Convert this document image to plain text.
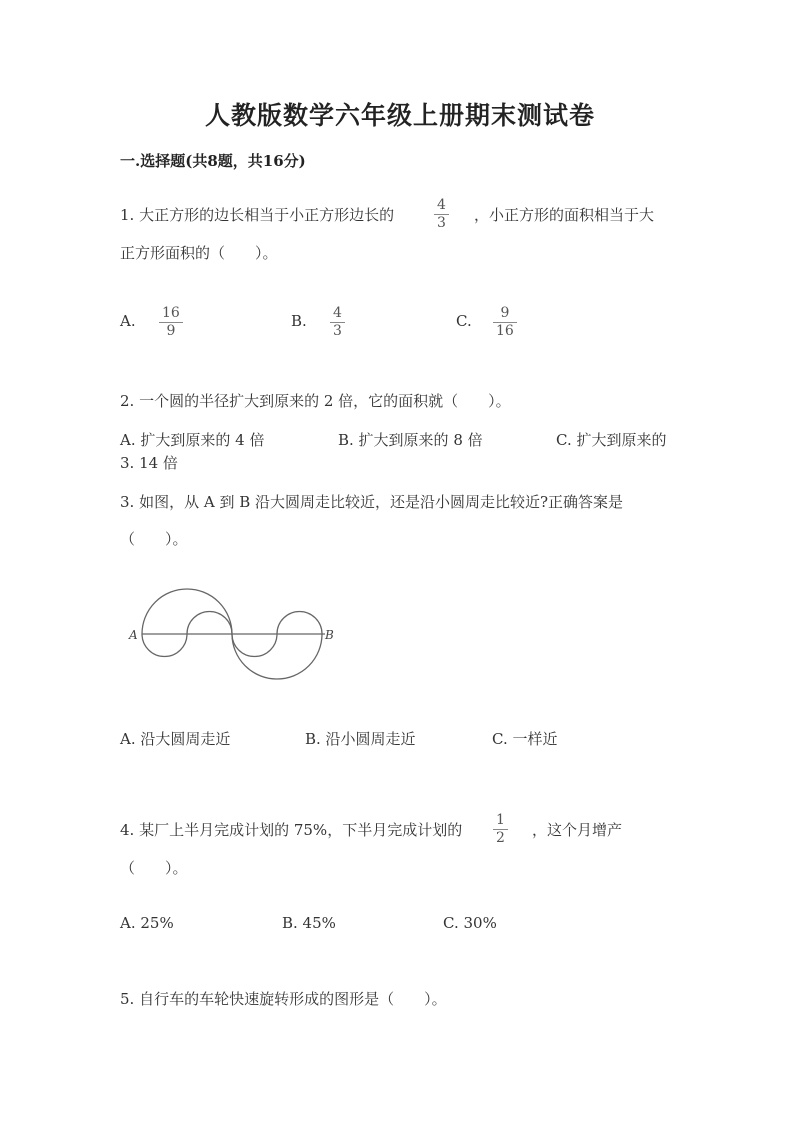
人教版数学六年级上册期末测试卷
一.选择题(共8题，共16分)
1. 大正方形的边长相当于小正方形边长的
4
3 ，小正方形的面积相当于大
正方形面积的（　　）。
A. 16
9
B. 4
3
C. 9
16
2. 一个圆的半径扩大到原来的 2 倍，它的面积就（　　）。
A. 扩大到原来的 4 倍	B. 扩大到原来的 8 倍	C. 扩大到原来的
3. 14 倍
3. 如图，从 A 到 B 沿大圆周走比较近，还是沿小圆周走比较近?正确答案是
（　　）。
A	B
A. 沿大圆周走近	B. 沿小圆周走近	C. 一样近
4. 某厂上半月完成计划的 75%，下半月完成计划的
1
2 ，这个月增产
（　　）。
A. 25%	B. 45%	C. 30%
5. 自行车的车轮快速旋转形成的图形是（　　）。
